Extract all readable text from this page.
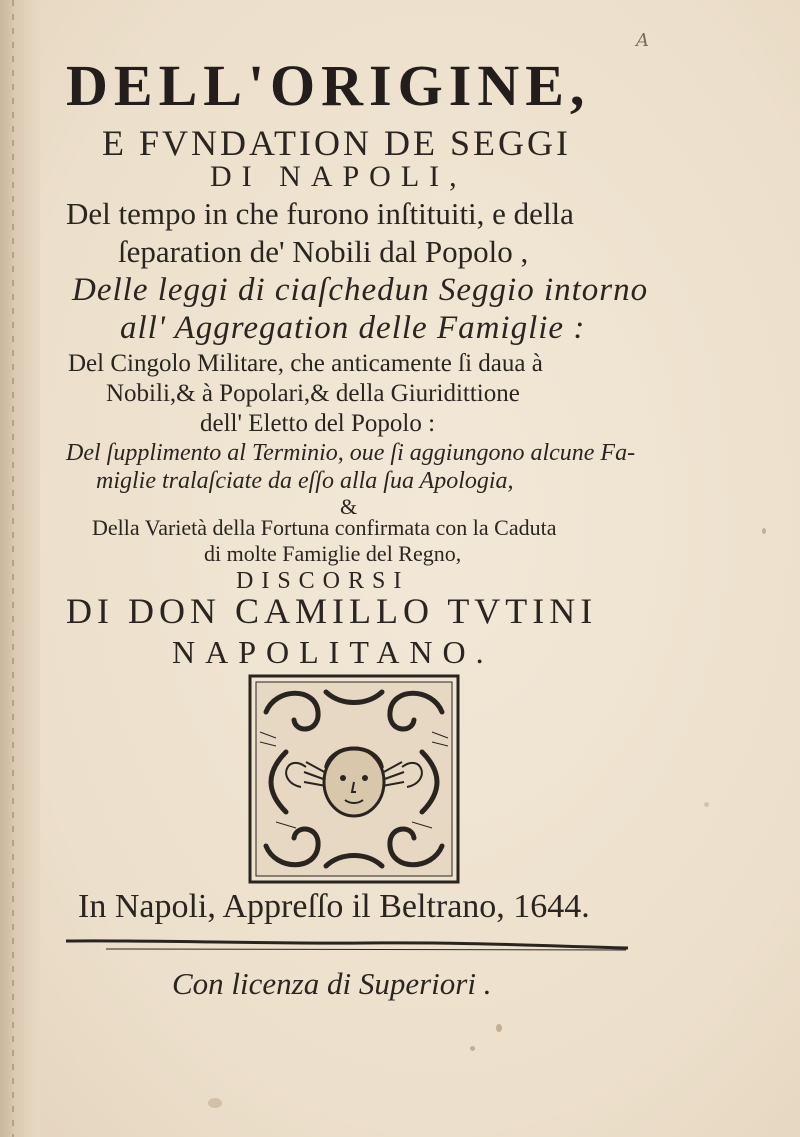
A
DELL'ORIGINE,
E FVNDATION DE SEGGI
DI NAPOLI,
Del tempo in che furono inſtituiti, e della
ſeparation de' Nobili dal Popolo ,
Delle leggi di ciaſchedun Seggio intorno
all' Aggregation delle Famiglie :
Del Cingolo Militare, che anticamente ſi daua à
Nobili,& à Popolari,& della Giuridittione
dell' Eletto del Popolo :
Del ſupplimento al Terminio, oue ſi aggiungono alcune Fa-
miglie tralaſciate da eſſo alla ſua Apologia,
&
Della Varietà della Fortuna confirmata con la Caduta
di molte Famiglie del Regno,
DISCORSI
DI DON CAMILLO TVTINI
NAPOLITANO.
In Napoli, Appreſſo il Beltrano, 1644.
Con licenza di Superiori .
